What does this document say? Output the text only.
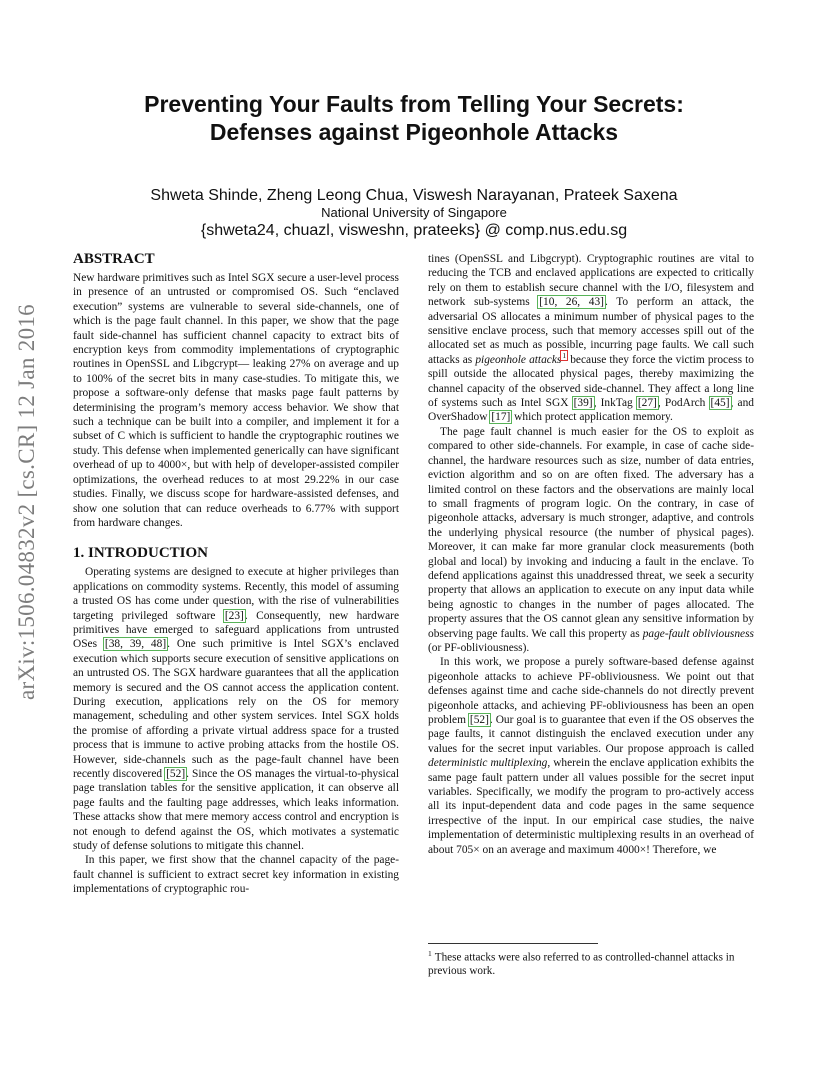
arXiv:1506.04832v2 [cs.CR] 12 Jan 2016
Preventing Your Faults from Telling Your Secrets:
Defenses against Pigeonhole Attacks
Shweta Shinde, Zheng Leong Chua, Viswesh Narayanan, Prateek Saxena
National University of Singapore
{shweta24, chuazl, visweshn, prateeks} @ comp.nus.edu.sg
ABSTRACT

New hardware primitives such as Intel SGX secure a user-level process in presence of an untrusted or compromised OS. Such “enclaved execution” systems are vulnerable to several side-channels, one of which is the page fault channel. In this paper, we show that the page fault side-channel has sufficient channel capacity to extract bits of encryption keys from commodity implementations of cryptographic routines in OpenSSL and Libgcrypt— leaking 27% on average and up to 100% of the secret bits in many case-studies. To mitigate this, we propose a software-only defense that masks page fault patterns by determinising the program’s memory access behavior. We show that such a technique can be built into a compiler, and implement it for a subset of C which is sufficient to handle the cryptographic routines we study. This defense when implemented generically can have significant overhead of up to 4000×, but with help of developer-assisted compiler optimizations, the overhead reduces to at most 29.22% in our case studies. Finally, we discuss scope for hardware-assisted defenses, and show one solution that can reduce overheads to 6.77% with support from hardware changes.

1. INTRODUCTION

Operating systems are designed to execute at higher privileges than applications on commodity systems. Recently, this model of assuming a trusted OS has come under question, with the rise of vulnerabilities targeting privileged software [23]. Consequently, new hardware primitives have emerged to safeguard applications from untrusted OSes [38, 39, 48]. One such primitive is Intel SGX’s enclaved execution which supports secure execution of sensitive applications on an untrusted OS. The SGX hardware guarantees that all the application memory is secured and the OS cannot access the application content. During execution, applications rely on the OS for memory management, scheduling and other system services. Intel SGX holds the promise of affording a private virtual address space for a trusted process that is immune to active probing attacks from the hostile OS. However, side-channels such as the page-fault channel have been recently discovered [52]. Since the OS manages the virtual-to-physical page translation tables for the sensitive application, it can observe all page faults and the faulting page addresses, which leaks information. These attacks show that mere memory access control and encryption is not enough to defend against the OS, which motivates a systematic study of defense solutions to mitigate this channel.

In this paper, we first show that the channel capacity of the page-fault channel is sufficient to extract secret key information in existing implementations of cryptographic rou-

tines (OpenSSL and Libgcrypt). Cryptographic routines are vital to reducing the TCB and enclaved applications are expected to critically rely on them to establish secure channel with the I/O, filesystem and network sub-systems [10, 26, 43]. To perform an attack, the adversarial OS allocates a minimum number of physical pages to the sensitive enclave process, such that memory accesses spill out of the allocated set as much as possible, incurring page faults. We call such attacks as pigeonhole attacks$^1$ because they force the victim process to spill outside the allocated physical pages, thereby maximizing the channel capacity of the observed side-channel. They affect a long line of systems such as Intel SGX [39], InkTag [27], PodArch [45], and OverShadow [17] which protect application memory.

The page fault channel is much easier for the OS to exploit as compared to other side-channels. For example, in case of cache side-channel, the hardware resources such as size, number of data entries, eviction algorithm and so on are often fixed. The adversary has a limited control on these factors and the observations are mainly local to small fragments of program logic. On the contrary, in case of pigeonhole attacks, adversary is much stronger, adaptive, and controls the underlying physical resource (the number of physical pages). Moreover, it can make far more granular clock measurements (both global and local) by invoking and inducing a fault in the enclave. To defend applications against this unaddressed threat, we seek a security property that allows an application to execute on any input data while being agnostic to changes in the number of pages allocated. The property assures that the OS cannot glean any sensitive information by observing page faults. We call this property as page-fault obliviousness (or PF-obliviousness).

In this work, we propose a purely software-based defense against pigeonhole attacks to achieve PF-obliviousness. We point out that defenses against time and cache side-channels do not directly prevent pigeonhole attacks, and achieving PF-obliviousness has been an open problem [52]. Our goal is to guarantee that even if the OS observes the page faults, it cannot distinguish the enclaved execution under any values for the secret input variables. Our propose approach is called deterministic multiplexing, wherein the enclave application exhibits the same page fault pattern under all values possible for the secret input variables. Specifically, we modify the program to pro-actively access all its input-dependent data and code pages in the same sequence irrespective of the input. In our empirical case studies, the naive implementation of deterministic multiplexing results in an overhead of about 705× on an average and maximum 4000×! Therefore, we

$^1$ These attacks were also referred to as controlled-channel attacks in previous work.
